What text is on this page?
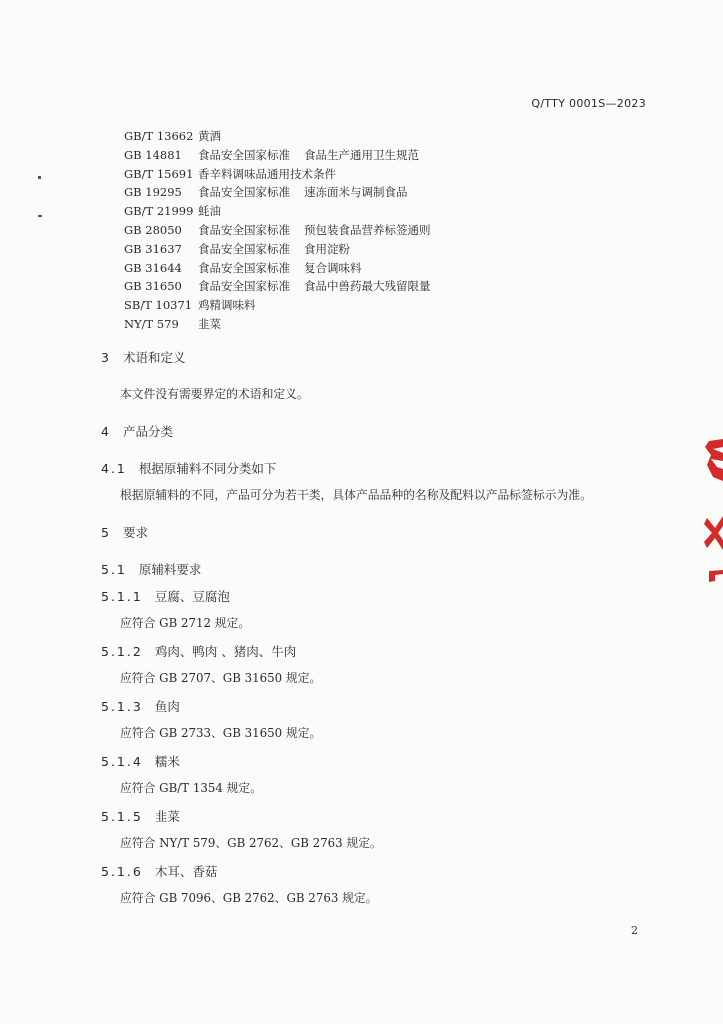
Q/TTY 0001S—2023
GB/T 13662 黄酒
GB 14881 食品安全国家标准 食品生产通用卫生规范
GB/T 15691 香辛料调味品通用技术条件
GB 19295 食品安全国家标准 速冻面米与调制食品
GB/T 21999 蚝油
GB 28050 食品安全国家标准 预包装食品营养标签通则
GB 31637 食品安全国家标准 食用淀粉
GB 31644 食品安全国家标准 复合调味料
GB 31650 食品安全国家标准 食品中兽药最大残留限量
SB/T 10371 鸡精调味料
NY/T 579 韭菜
3 术语和定义
本文件没有需要界定的术语和定义。
4 产品分类
4.1 根据原辅料不同分类如下
根据原辅料的不同，产品可分为若干类，具体产品品种的名称及配料以产品标签标示为准。
5 要求
5.1 原辅料要求
5.1.1 豆腐、豆腐泡
应符合 GB 2712 规定。
5.1.2 鸡肉、鸭肉 、猪肉、牛肉
应符合 GB 2707、GB 31650 规定。
5.1.3 鱼肉
应符合 GB 2733、GB 31650 规定。
5.1.4 糯米
应符合 GB/T 1354 规定。
5.1.5 韭菜
应符合 NY/T 579、GB 2762、GB 2763 规定。
5.1.6 木耳、香菇
应符合 GB 7096、GB 2762、GB 2763 规定。
2
